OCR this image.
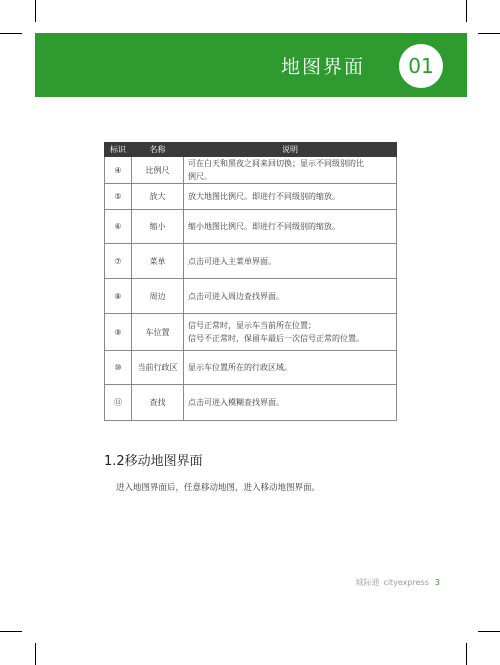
地图界面	01
标识	名称	说明
④	比例尺	可在白天和黑夜之间来回切换；显示不同级别的比
例尺。

⑤	放大	放大地图比例尺。即进行不同级别的缩放。

⑥	缩小	缩小地图比例尺。即进行不同级别的缩放。

⑦	菜单	点击可进入主菜单界面。

⑧	周边	点击可进入周边查找界面。

⑨	车位置	信号正常时，显示车当前所在位置；
信号不正常时，保留车最后一次信号正常的位置。

⑩	当前行政区	显示车位置所在的行政区域。

⑪	查找	点击可进入模糊查找界面。
1.2移动地图界面
进入地图界面后，任意移动地图，进入移动地图界面。
城际通 cityexpress 3
